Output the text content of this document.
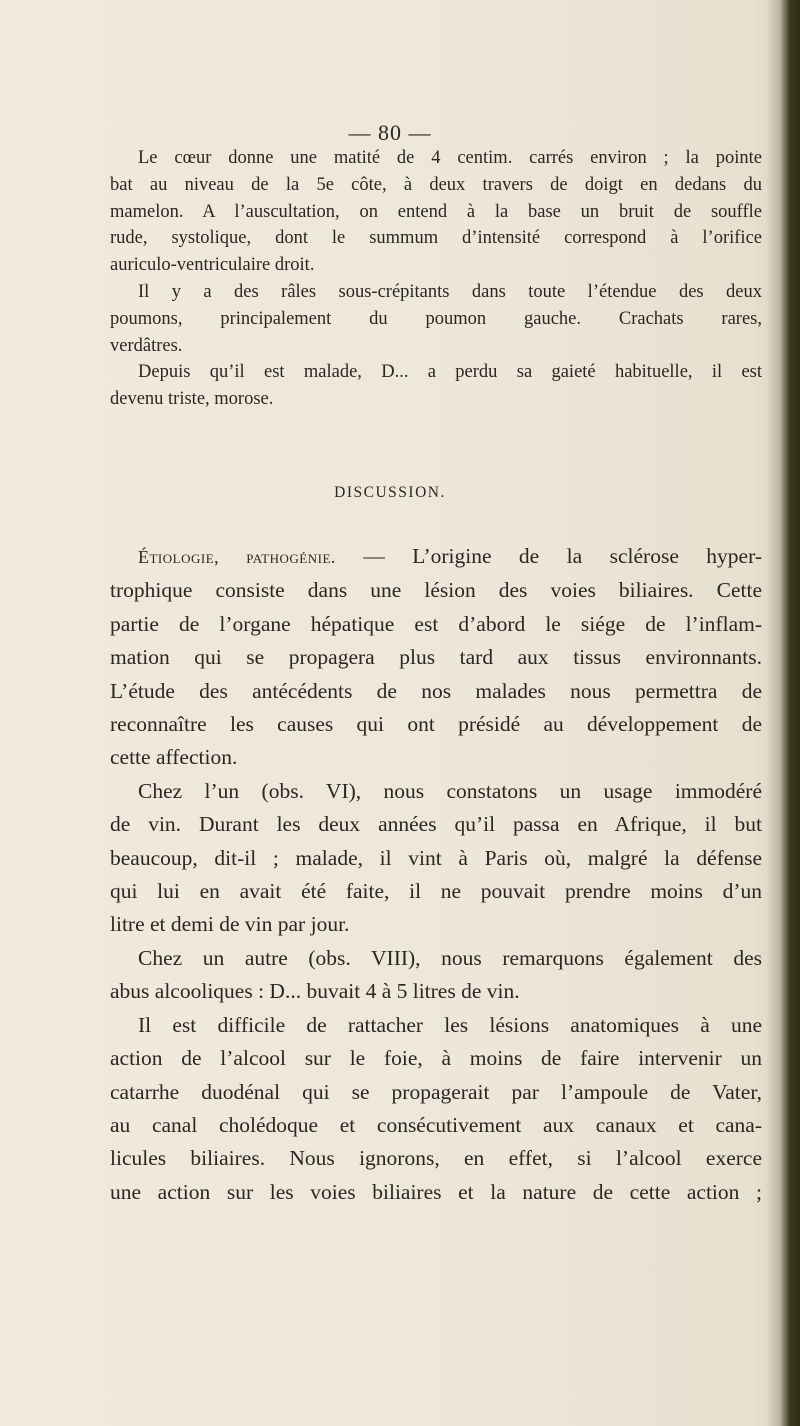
— 80 —

Le cœur donne une matité de 4 centim. carrés environ ; la pointe

bat au niveau de la 5e côte, à deux travers de doigt en dedans du

mamelon. A l’auscultation, on entend à la base un bruit de souffle

rude, systolique, dont le summum d’intensité correspond à l’orifice

auriculo-ventriculaire droit.

Il y a des râles sous-crépitants dans toute l’étendue des deux

poumons, principalement du poumon gauche. Crachats rares,

verdâtres.

Depuis qu’il est malade, D... a perdu sa gaieté habituelle, il est

devenu triste, morose.

DISCUSSION.

Étiologie, pathogénie. — L’origine de la sclérose hyper-

trophique consiste dans une lésion des voies biliaires. Cette

partie de l’organe hépatique est d’abord le siége de l’inflam-

mation qui se propagera plus tard aux tissus environnants.

L’étude des antécédents de nos malades nous permettra de

reconnaître les causes qui ont présidé au développement de

cette affection.

Chez l’un (obs. VI), nous constatons un usage immodéré

de vin. Durant les deux années qu’il passa en Afrique, il but

beaucoup, dit-il ; malade, il vint à Paris où, malgré la défense

qui lui en avait été faite, il ne pouvait prendre moins d’un

litre et demi de vin par jour.

Chez un autre (obs. VIII), nous remarquons également des

abus alcooliques : D... buvait 4 à 5 litres de vin.

Il est difficile de rattacher les lésions anatomiques à une

action de l’alcool sur le foie, à moins de faire intervenir un

catarrhe duodénal qui se propagerait par l’ampoule de Vater,

au canal cholédoque et consécutivement aux canaux et cana-

licules biliaires. Nous ignorons, en effet, si l’alcool exerce

une action sur les voies biliaires et la nature de cette action ;
